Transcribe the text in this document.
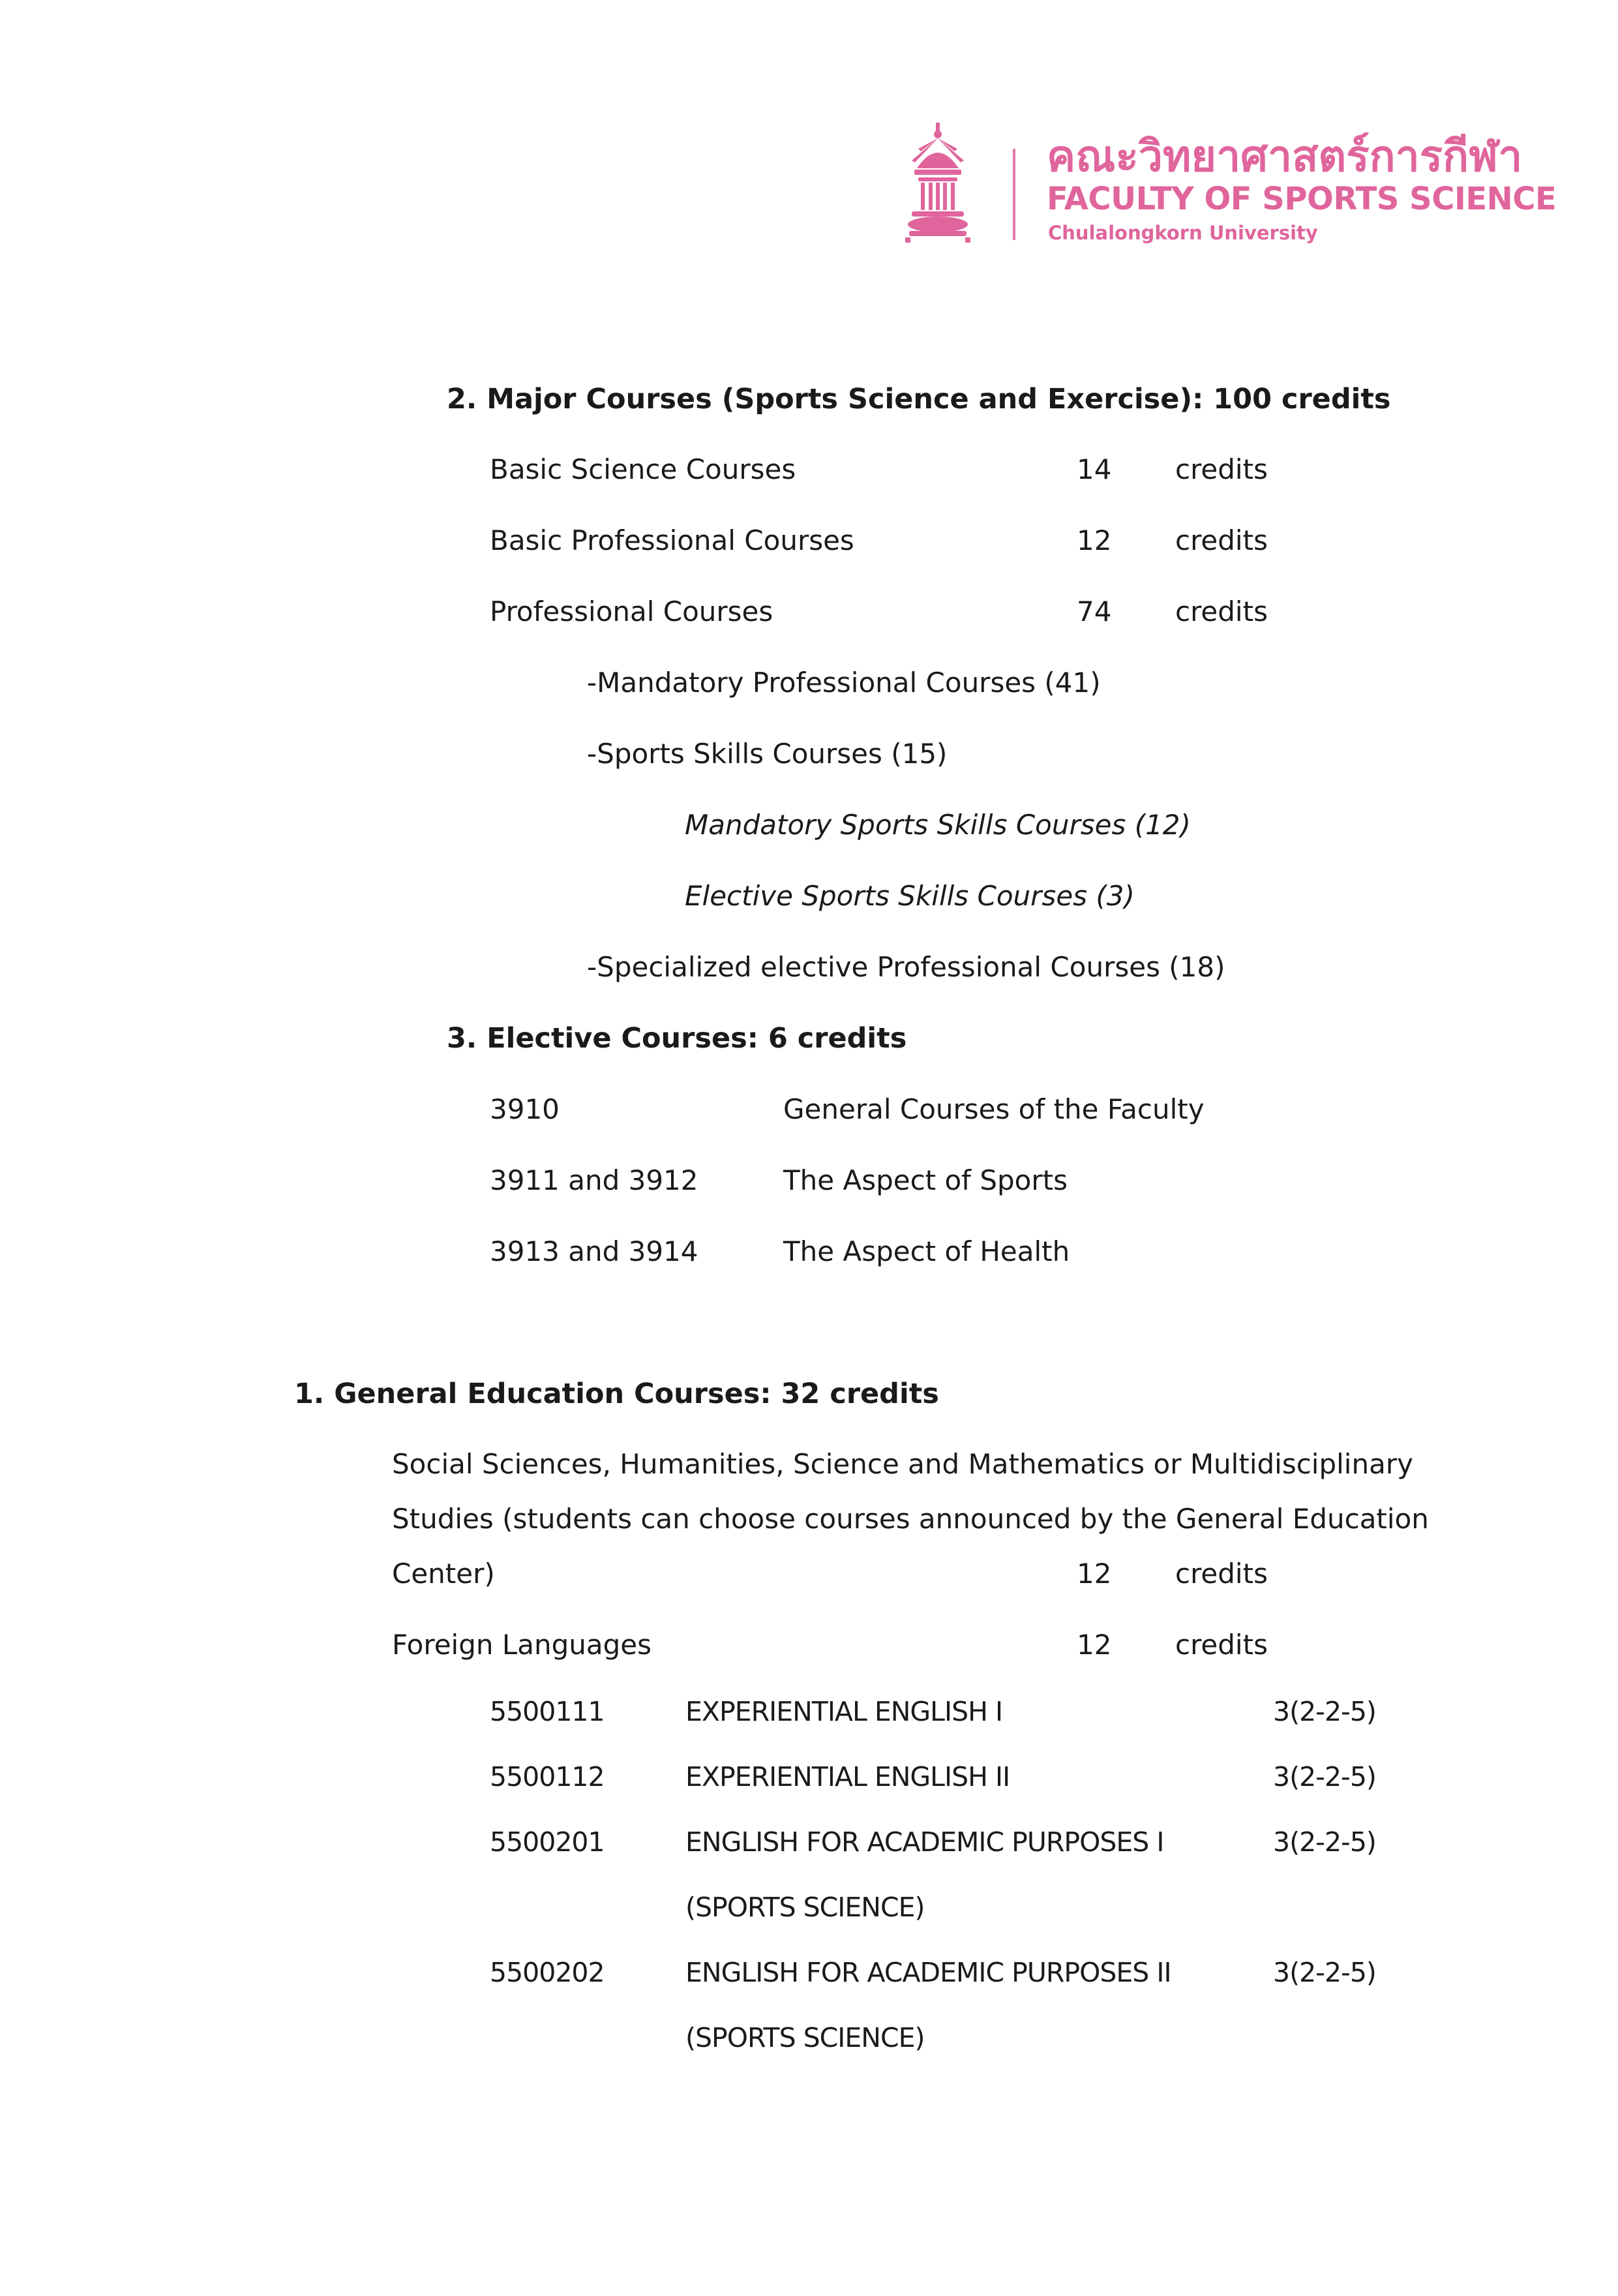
คณะวิทยาศาสตร์การกีฬา
FACULTY OF SPORTS SCIENCE
Chulalongkorn University
2. Major Courses (Sports Science and Exercise): 100 credits
Basic Science Courses	14 credits
Basic Professional Courses	12 credits
Professional Courses	74 credits
-Mandatory Professional Courses (41)
-Sports Skills Courses (15)
Mandatory Sports Skills Courses (12)
Elective Sports Skills Courses (3)
-Specialized elective Professional Courses (18)
3. Elective Courses: 6 credits
3910	General Courses of the Faculty
3911 and 3912	The Aspect of Sports
3913 and 3914	The Aspect of Health
1. General Education Courses: 32 credits
Social Sciences, Humanities, Science and Mathematics or Multidisciplinary
Studies (students can choose courses announced by the General Education
Center)	12 credits
Foreign Languages	12 credits
5500111	EXPERIENTIAL ENGLISH I	3(2-2-5)
5500112	EXPERIENTIAL ENGLISH II	3(2-2-5)
5500201	ENGLISH FOR ACADEMIC PURPOSES I	3(2-2-5)
(SPORTS SCIENCE)
5500202	ENGLISH FOR ACADEMIC PURPOSES II	3(2-2-5)
(SPORTS SCIENCE)
